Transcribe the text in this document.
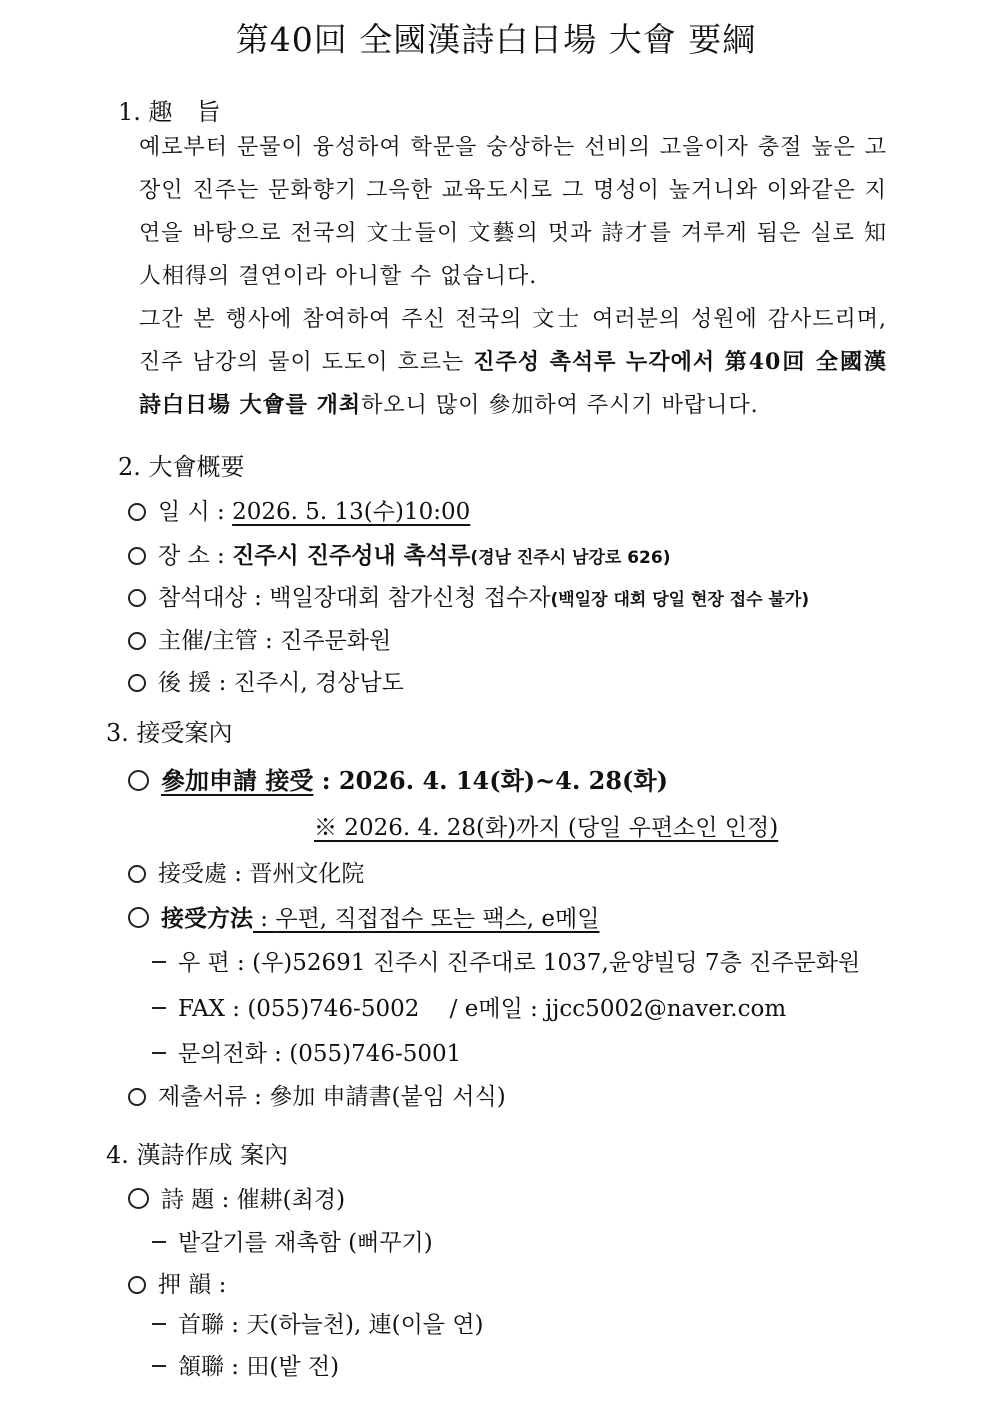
第40回 全國漢詩白日場 大會 要綱
1. 趣　旨
예로부터 문물이 융성하여 학문을 숭상하는 선비의 고을이자 충절 높은 고장인 진주는 문화향기 그윽한 교육도시로 그 명성이 높거니와 이와같은 지연을 바탕으로 전국의 文士들이 文藝의 멋과 詩才를 겨루게 됨은 실로 知人相得의 결연이라 아니할 수 없습니다.
그간 본 행사에 참여하여 주신 전국의 文士 여러분의 성원에 감사드리며, 진주 남강의 물이 도도이 흐르는 진주성 촉석루 누각에서 第40回 全國漢詩白日場 大會를 개최하오니 많이 參加하여 주시기 바랍니다.
2. 大會概要
일 시 : 2026. 5. 13(수)10:00
장 소 : 진주시 진주성내 촉석루(경남 진주시 남강로 626)
참석대상 : 백일장대회 참가신청 접수자(백일장 대회 당일 현장 접수 불가)
主催/主管 : 진주문화원
後 援 : 진주시, 경상남도
3. 接受案內
參加申請 接受 : 2026. 4. 14(화)~4. 28(화)
※ 2026. 4. 28(화)까지 (당일 우편소인 인정)
接受處 : 晋州文化院
接受方法 : 우편, 직접접수 또는 팩스, e메일
우 편 : (우)52691 진주시 진주대로 1037,윤양빌딩 7층 진주문화원
FAX : (055)746-5002　 / e메일 : jjcc5002@naver.com
문의전화 : (055)746-5001
제출서류 : 參加 申請書(붙임 서식)
4. 漢詩作成 案內
詩 題 : 催耕(최경)
밭갈기를 재촉함 (뻐꾸기)
押 韻 :
首聯 : 天(하늘천), 連(이을 연)
頷聯 : 田(밭 전)
